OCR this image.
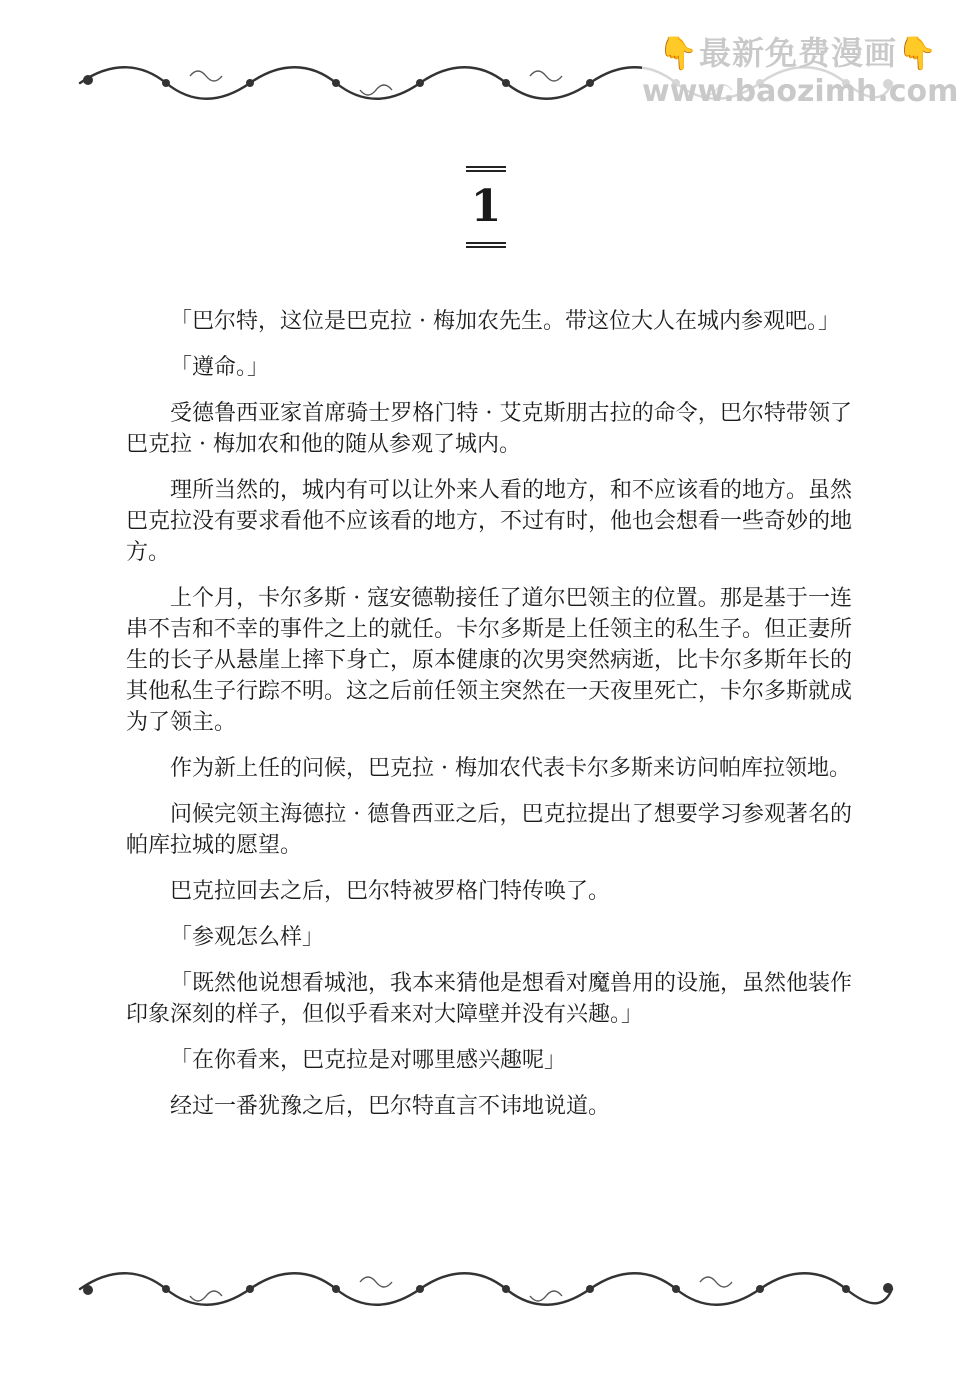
👇最新免费漫画👇
www.baozimh.com
1

「巴尔特，这位是巴克拉 · 梅加农先生。带这位大人在城内参观吧。」

「遵命。」

受德鲁西亚家首席骑士罗格门特 · 艾克斯朋古拉的命令，巴尔特带领了巴克拉 · 梅加农和他的随从参观了城内。

理所当然的，城内有可以让外来人看的地方，和不应该看的地方。虽然巴克拉没有要求看他不应该看的地方，不过有时，他也会想看一些奇妙的地方。

上个月，卡尔多斯 · 寇安德勒接任了道尔巴领主的位置。那是基于一连串不吉和不幸的事件之上的就任。卡尔多斯是上任领主的私生子。但正妻所生的长子从悬崖上摔下身亡，原本健康的次男突然病逝，比卡尔多斯年长的其他私生子行踪不明。这之后前任领主突然在一天夜里死亡，卡尔多斯就成为了领主。

作为新上任的问候，巴克拉 · 梅加农代表卡尔多斯来访问帕库拉领地。

问候完领主海德拉 · 德鲁西亚之后，巴克拉提出了想要学习参观著名的帕库拉城的愿望。

巴克拉回去之后，巴尔特被罗格门特传唤了。

「参观怎么样」

「既然他说想看城池，我本来猜他是想看对魔兽用的设施，虽然他装作印象深刻的样子，但似乎看来对大障壁并没有兴趣。」

「在你看来，巴克拉是对哪里感兴趣呢」

经过一番犹豫之后，巴尔特直言不讳地说道。
